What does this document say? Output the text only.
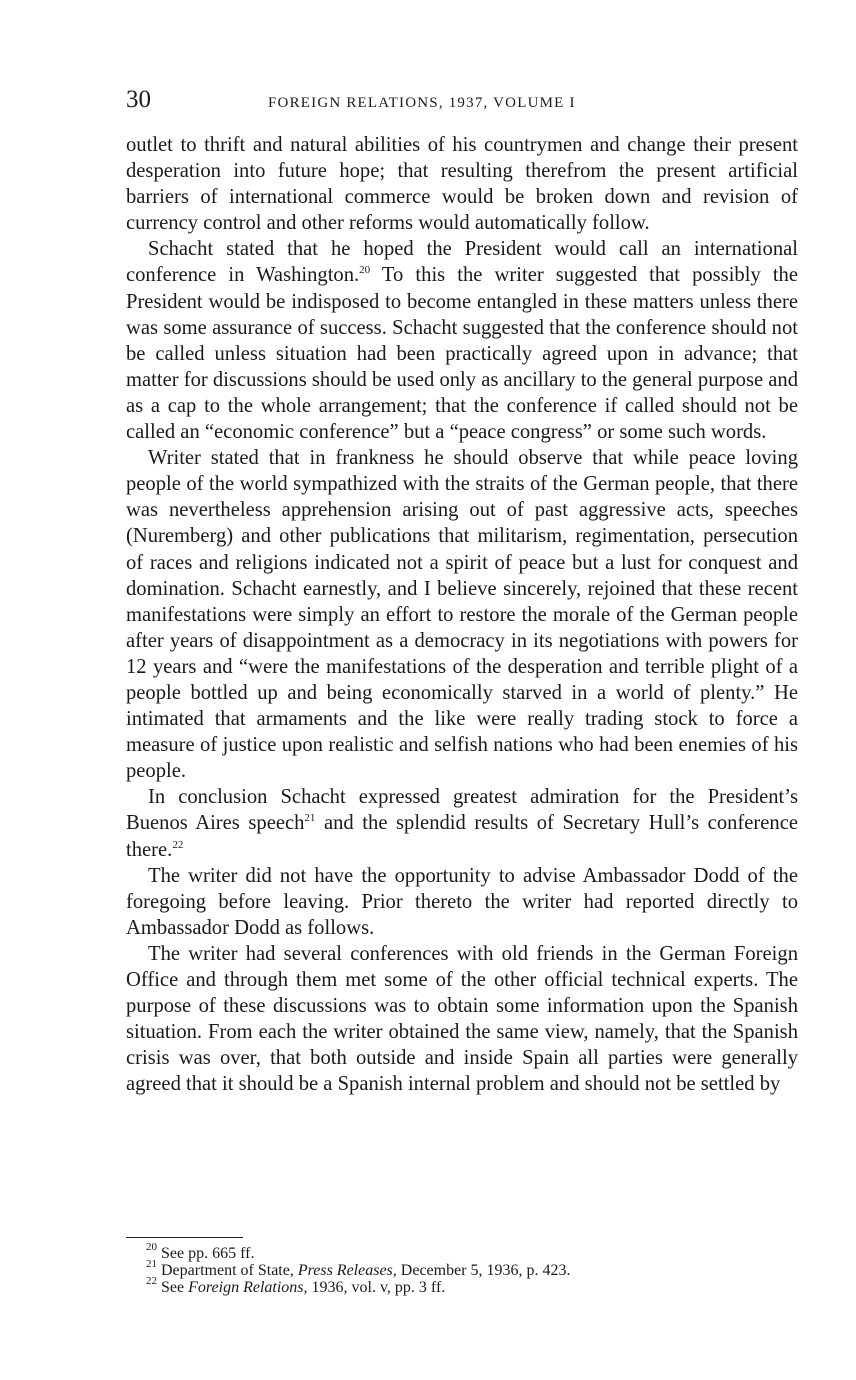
30	FOREIGN RELATIONS, 1937, VOLUME I

outlet to thrift and natural abilities of his countrymen and change their present desperation into future hope; that resulting therefrom the present artificial barriers of international commerce would be broken down and revision of currency control and other reforms would automatically follow.

Schacht stated that he hoped the President would call an international conference in Washington.$^{20}$ To this the writer suggested that possibly the President would be indisposed to become entangled in these matters unless there was some assurance of success. Schacht suggested that the conference should not be called unless situation had been practically agreed upon in advance; that matter for discussions should be used only as ancillary to the general purpose and as a cap to the whole arrangement; that the conference if called should not be called an “economic conference” but a “peace congress” or some such words.

Writer stated that in frankness he should observe that while peace loving people of the world sympathized with the straits of the German people, that there was nevertheless apprehension arising out of past aggressive acts, speeches (Nuremberg) and other publications that militarism, regimentation, persecution of races and religions indicated not a spirit of peace but a lust for conquest and domination. Schacht earnestly, and I believe sincerely, rejoined that these recent manifestations were simply an effort to restore the morale of the German people after years of disappointment as a democracy in its negotiations with powers for 12 years and “were the manifestations of the desperation and terrible plight of a people bottled up and being economically starved in a world of plenty.” He intimated that armaments and the like were really trading stock to force a measure of justice upon realistic and selfish nations who had been enemies of his people.

In conclusion Schacht expressed greatest admiration for the President’s Buenos Aires speech$^{21}$ and the splendid results of Secretary Hull’s conference there.$^{22}$

The writer did not have the opportunity to advise Ambassador Dodd of the foregoing before leaving. Prior thereto the writer had reported directly to Ambassador Dodd as follows.

The writer had several conferences with old friends in the German Foreign Office and through them met some of the other official technical experts. The purpose of these discussions was to obtain some information upon the Spanish situation. From each the writer obtained the same view, namely, that the Spanish crisis was over, that both outside and inside Spain all parties were generally agreed that it should be a Spanish internal problem and should not be settled by

$^{20}$ See pp. 665 ff.
$^{21}$ Department of State, Press Releases, December 5, 1936, p. 423.
$^{22}$ See Foreign Relations, 1936, vol. v, pp. 3 ff.
